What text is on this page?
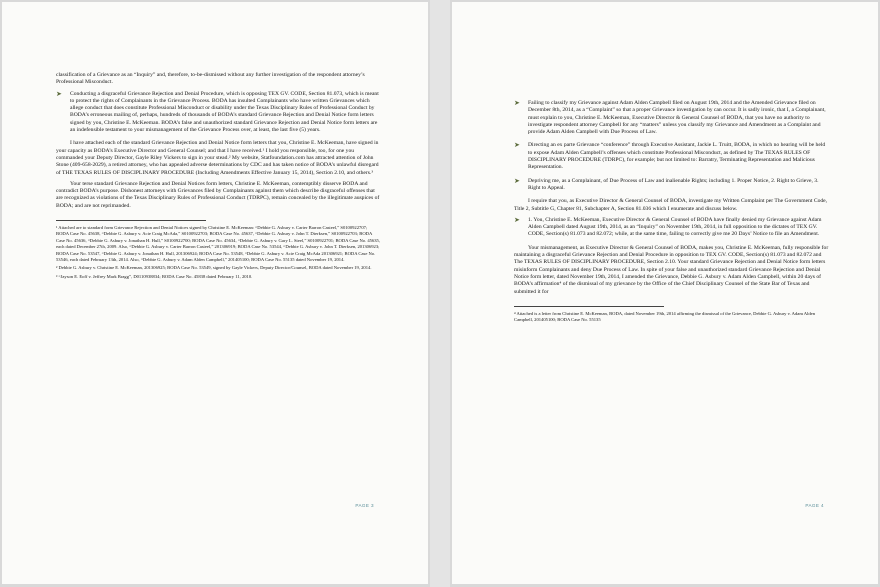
classification of a Grievance as an “Inquiry” and, therefore, to-be-dismissed without any further investigation of the respondent attorney’s Professional Misconduct.

➤	Conducting a disgraceful Grievance Rejection and Denial Procedure, which is opposing TEX GV. CODE, Section 81.073, which is meant to protect the rights of Complainants in the Grievance Process. BODA has insulted Complainants who have written Grievances which allege conduct that does constitute Professional Misconduct or disability under the Texas Disciplinary Rules of Professional Conduct by BODA’s erroneous mailing of, perhaps, hundreds of thousands of BODA’s standard Grievance Rejection and Denial Notice form letters signed by you, Christine E. McKeeman. BODA’s false and unauthorized standard Grievance Rejection and Denial Notice form letters are an indefensible testament to your mismanagement of the Grievance Process over, at least, the last five (5) years.

I have attached each of the standard Grievance Rejection and Denial Notice form letters that you, Christine E. McKeeman, have signed in your capacity as BODA’s Executive Director and General Counsel; and that I have received.¹ I hold you responsible, too, for one you commanded your Deputy Director, Gayle Riley Vickers to sign in your stead.² My website, Statfoundation.com has attracted attention of John Stone (409-658-2029), a retired attorney, who has appealed adverse determinations by CDC and has taken notice of BODA’s unlawful disregard of THE TEXAS RULES OF DISCIPLINARY PROCEDURE (Including Amendments Effective January 15, 2014), Section 2.10, and others.³

Your terse standard Grievance Rejection and Denial Notices form letters, Christine E. McKeeman, contemptibly disserve BODA and contradict BODA’s purpose. Dishonest attorneys with Grievances filed by Complainants against them which describe disgraceful offenses that are recognized as violations of the Texas Disciplinary Rules of Professional Conduct (TDRPC), remain concealed by the illegitimate auspices of BODA; and are not reprimanded.

¹ Attached are to standard form Grievance Rejection and Denial Notices signed by Christine E. McKeeman: “Debbie G. Asbury v. Carter Barron Casteel,” S0100922707; BODA Case No. 45638, “Debbie G. Asbury v. Acie Craig McAda,” S0100922703; BODA Case No. 45637, “Debbie G. Asbury v. John T. Dierksen,” S0100922703; BODA Case No. 45636, “Debbie G. Asbury v. Jonathan H. Hull,” S0100922700; BODA Case No. 45634, “Debbie G. Asbury v. Gary L. Steel,” S0100922701; BODA Case No. 45635, each dated December 27th, 2009. Also, “Debbie G. Asbury v. Carter Barron Casteel,” 201306919; BODA Case No. 53544, “Debbie G. Asbury v. John T. Dierksen, 201306923; BODA Case No. 53547, “Debbie G. Asbury v. Jonathan H. Hull, 201306924; BODA Case No. 53548, “Debbie G. Asbury v. Acie Craig McAda 201306921; BODA Case No. 53546, each dated February 13th, 2014. Also, “Debbie G. Asbury v. Adam Alden Campbell,” 201405100; BODA Case No. 55135 dated November 19, 2014.

² Debbie G. Asbury v. Christine E. McKeeman, 201306925; BODA Case No. 53549, signed by Gayle Vickers, Deputy Director/Counsel, BODA dated November 19, 2014.

³ “Jayson E. Eoff v. Jeffrey Mark Bragg”, D0110938834; BODA Case No. 45838 dated February 11, 2010.

PAGE 3
➤	Failing to classify my Grievance against Adam Alden Campbell filed on August 19th, 2014 and the Amended Grievance filed on December 8th, 2014, as a “Complaint” so that a proper Grievance investigation by can occur. It is sadly ironic, that I, a Complainant, must explain to you, Christine E. McKeeman, Executive Director & General Counsel of BODA, that you have no authority to investigate respondent attorney Campbell for any “matters” unless you classify my Grievance and Amendment as a Complaint and provide Adam Alden Campbell with Due Process of Law.

➤	Directing an ex parte Grievance “conference” through Executive Assistant, Jackie L. Truitt, BODA, in which no hearing will be held to expose Adam Alden Campbell’s offenses which constitute Professional Misconduct, as defined by The TEXAS RULES OF DISCIPLINARY PROCEDURE (TDRPC), for example; but not limited to: Barratry, Terminating Representation and Malicious Representation.

➤	Depriving me, as a Complainant, of Due Process of Law and inalienable Rights; including 1. Proper Notice, 2. Right to Grieve, 3. Right to Appeal.

I require that you, as Executive Director & General Counsel of BODA, investigate my Written Complaint per The Government Code, Title 2, Subtitle G, Chapter 81, Subchapter A, Section 81.036 which I enumerate and discuss below.

➤	1. You, Christine E. McKeeman, Executive Director & General Counsel of BODA have finally denied my Grievance against Adam Alden Campbell dated August 19th, 2014, as an “Inquiry” on November 19th, 2014, in full opposition to the dictates of TEX GV. CODE, Section(s) 81.073 and 82.072; while, at the same time, failing to correctly give me 20 Days’ Notice to file an Amendment.

Your mismanagement, as Executive Director & General Counsel of BODA, makes you, Christine E. McKeeman, fully responsible for maintaining a disgraceful Grievance Rejection and Denial Procedure in opposition to TEX GV. CODE, Section(s) 81.073 and 82.072 and The TEXAS RULES OF DISCIPLINARY PROCEDURE, Section 2.10. Your standard Grievance Rejection and Denial Notice form letters misinform Complainants and deny Due Process of Law. In spite of your false and unauthorized standard Grievance Rejection and Denial Notice form letter, dated November 19th, 2014, I amended the Grievance, Debbie G. Asbury v. Adam Alden Campbell, within 20 days of BODA’s affirmation⁴ of the dismissal of my grievance by the Office of the Chief Disciplinary Counsel of the State Bar of Texas and submitted it for

⁴ Attached is a letter from Christine E. McKeeman, BODA, dated November 19th, 2014 affirming the dismissal of the Grievance, Debbie G. Asbury v. Adam Alden Campbell, 201405100; BODA Case No. 55135

PAGE 4
